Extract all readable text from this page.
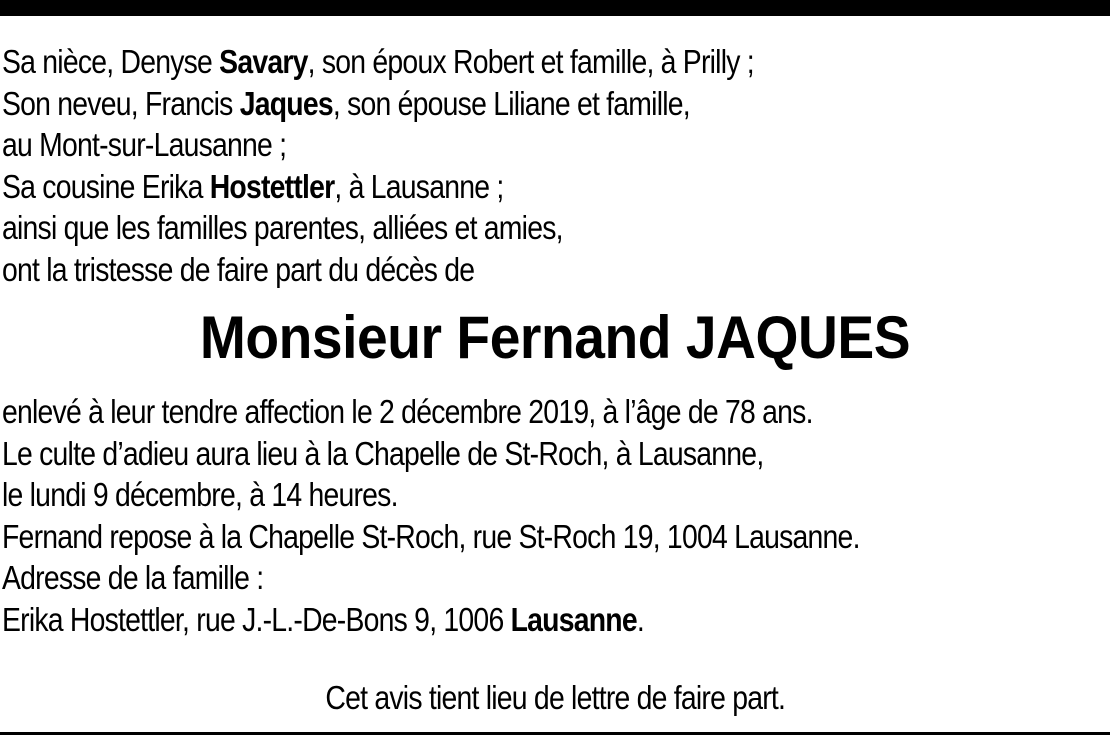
Sa nièce, Denyse Savary, son époux Robert et famille, à Prilly ;
Son neveu, Francis Jaques, son épouse Liliane et famille,
au Mont-sur-Lausanne ;
Sa cousine Erika Hostettler, à Lausanne ;
ainsi que les familles parentes, alliées et amies,
ont la tristesse de faire part du décès de
Monsieur Fernand JAQUES
enlevé à leur tendre affection le 2 décembre 2019, à l’âge de 78 ans.
Le culte d’adieu aura lieu à la Chapelle de St-Roch, à Lausanne,
le lundi 9 décembre, à 14 heures.
Fernand repose à la Chapelle St-Roch, rue St-Roch 19, 1004 Lausanne.
Adresse de la famille :
Erika Hostettler, rue J.-L.-De-Bons 9, 1006 Lausanne.
Cet avis tient lieu de lettre de faire part.
